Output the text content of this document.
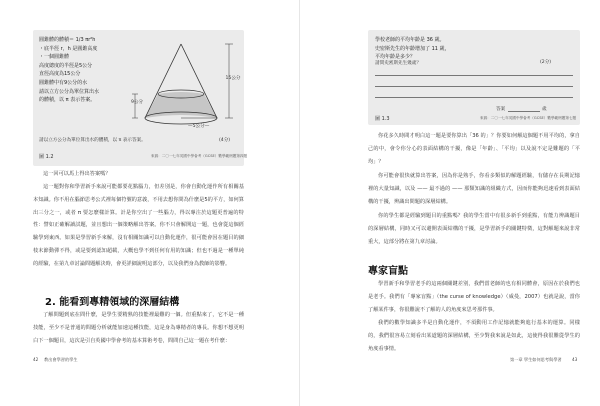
圓錐體的體積＝ 1/3 πr²h
・底半徑 r，h 是圓錐高度
・一個圓錐體
高度總度的半徑是5公分
直徑高度為15公分
圓錐體中有9公分的水
請以立方公分為單位算出水
的體積，以 π 表示答案。
15公分
9公分
—5公分—
請以立方公分為單位算出水的體積，以 π 表示答案。	(4分)
圖 1.2	來源：二〇一七年英國中學會考（GCSE）數學範例題第四題

這一回可以馬上得出答案嗎？

這一題對你和學習新手來說可能都要花點腦力，但差別是，你會自動化運作所有相關基本知識。你不用在腦節思考公式裡每個符號的意義，不用去想你問為什麼是5的平方，如何算出三分之一，或者 π 要怎麼樣計算。計是你空出了一些腦力，得以專注於這題更普遍的特性：譬如正確解讀試題，並且想出一個策略解出答案。你不只會解開這一題，也會從這個經驗學到東西。如果是學習新手來解，沒有相關知識可以自動化運作，很可能會因在題目的細枝末節動彈不得，或是要到認知超載，大概也學不到任何有用的知識；但也不過是一種單純的經驗，在第九章討論問題解決時，會更詳細說明這部分，以及我們身為教師的影響。

2. 能看到專精領域的深層結構

了解問題到底在問什麼，是學生要精熟的技能裡最難的一個。但重點來了，它不是一種技能，至少不是普通的問題分析就能加速這種技能，這是身為專精者的專長。你想不想更明白下一個題目，這次是引自英國中學會考的基本算術考卷，問問自己這一題在考什麼：

42 教出會學習的學生
學校老師的平均年齡是 36 歲。
史密斯先生的年齡增加了 11 歲，
平均年齡是多少？
請問史密斯先生幾歲？	(2分)
答案	歲
圖 1.3	來源：二〇一七年英國中學會考（GCSE）數學範例題第七題

你花多久時間才明白這一題是要你算出「36 的」？你要如何解這個題不用平均的，拿自己的中，會令你分心的表面結構的干擾，像是「年齡」、「平均」以及說不定是難題的「平均」？

你可能會很快就算出答案，因為你是熟手，你看多類似的解題經驗，有儲存在長期記憶裡的大量知識，以及 —— 最不過的 —— 那類知識的組織方式，因而你能夠迅速看到表面結構的干擾，辨識出問題的深層結構。

你的學生都是經驗到題目的重點嗎？我的學生當中有很多新手到重點，有能力辨識題目的深層結構，同時又可以避開表面結構的干擾，是學習新手的關鍵特徵，這對解題來說非常重大，這部分將在第九章討論。

專家盲點

學習新手和學習老手的這兩個關鍵差別，我們當老師的也有相同體會，原因在於我們也是老手。我們有「專家盲點」（the curse of knowledge）（威曼，2007）也就是說，當你了解某件事，你很難說不了解的人的角度來思考那件事。

我們的數學知識多半是自動化運作，不須動用工作記憶就能夠進行基本的運算。同樣的，我們很容易立刻看出某道題的深層結構，至少對我來說是如此，這使得我很難從學生的角度看事情。

第一章 學生如何思考與學習 43
